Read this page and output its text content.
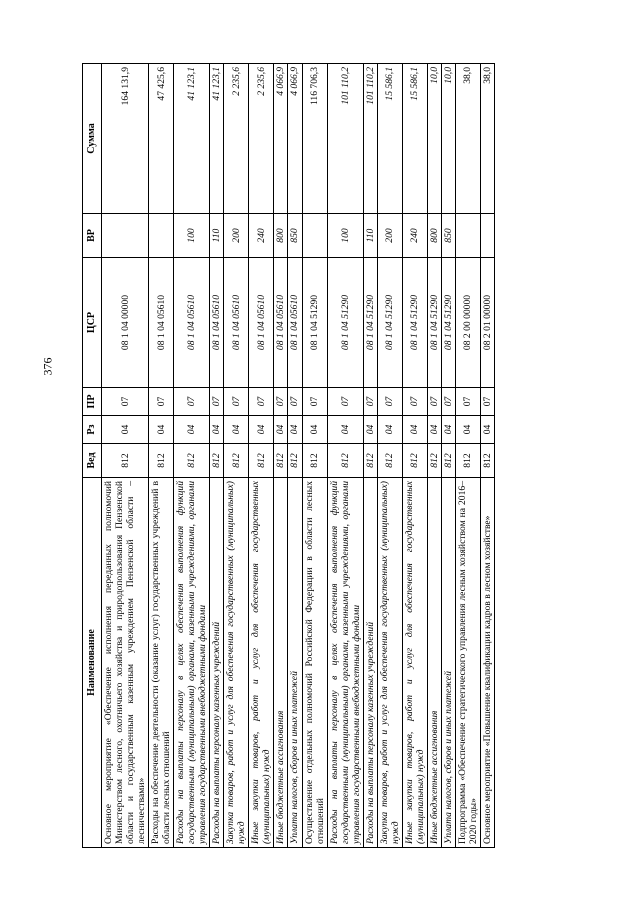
376
Наименование	Вед	Рз	ПР	ЦСР	ВР	Сумма
Основное мероприятие «Обеспечение исполнения переданных полномочий Министерством лесного, охотничьего хозяйства и природопользования Пензенской области и государственным казенным учреждением Пензенской области – лесничествами»	812	04	07	08 1 04 00000		164 131,9
Расходы на обеспечение деятельности (оказание услуг) государственных учреждений в области лесных отношений	812	04	07	08 1 04 05610		47 425,6
Расходы на выплаты персоналу в целях обеспечения выполнения функций государственными (муниципальными) органами, казенными учреждениями, органами управления государственными внебюджетными фондами	812	04	07	08 1 04 05610	100	41 123,1
Расходы на выплаты персоналу казенных учреждений	812	04	07	08 1 04 05610	110	41 123,1
Закупка товаров, работ и услуг для обеспечения государственных (муниципальных) нужд	812	04	07	08 1 04 05610	200	2 235,6
Иные закупки товаров, работ и услуг для обеспечения государственных (муниципальных) нужд	812	04	07	08 1 04 05610	240	2 235,6
Иные бюджетные ассигнования	812	04	07	08 1 04 05610	800	4 066,9
Уплата налогов, сборов и иных платежей	812	04	07	08 1 04 05610	850	4 066,9
Осуществление отдельных полномочий Российской Федерации в области лесных отношений	812	04	07	08 1 04 51290		116 706,3
Расходы на выплаты персоналу в целях обеспечения выполнения функций государственными (муниципальными) органами, казенными учреждениями, органами управления государственными внебюджетными фондами	812	04	07	08 1 04 51290	100	101 110,2
Расходы на выплаты персоналу казенных учреждений	812	04	07	08 1 04 51290	110	101 110,2
Закупка товаров, работ и услуг для обеспечения государственных (муниципальных) нужд	812	04	07	08 1 04 51290	200	15 586,1
Иные закупки товаров, работ и услуг для обеспечения государственных (муниципальных) нужд	812	04	07	08 1 04 51290	240	15 586,1
Иные бюджетные ассигнования	812	04	07	08 1 04 51290	800	10,0
Уплата налогов, сборов и иных платежей	812	04	07	08 1 04 51290	850	10,0
Подпрограмма «Обеспечение стратегического управления лесным хозяйством на 2016–2020 годы»	812	04	07	08 2 00 00000		38,0
Основное мероприятие «Повышение квалификации кадров в лесном хозяйстве»	812	04	07	08 2 01 00000		38,0
